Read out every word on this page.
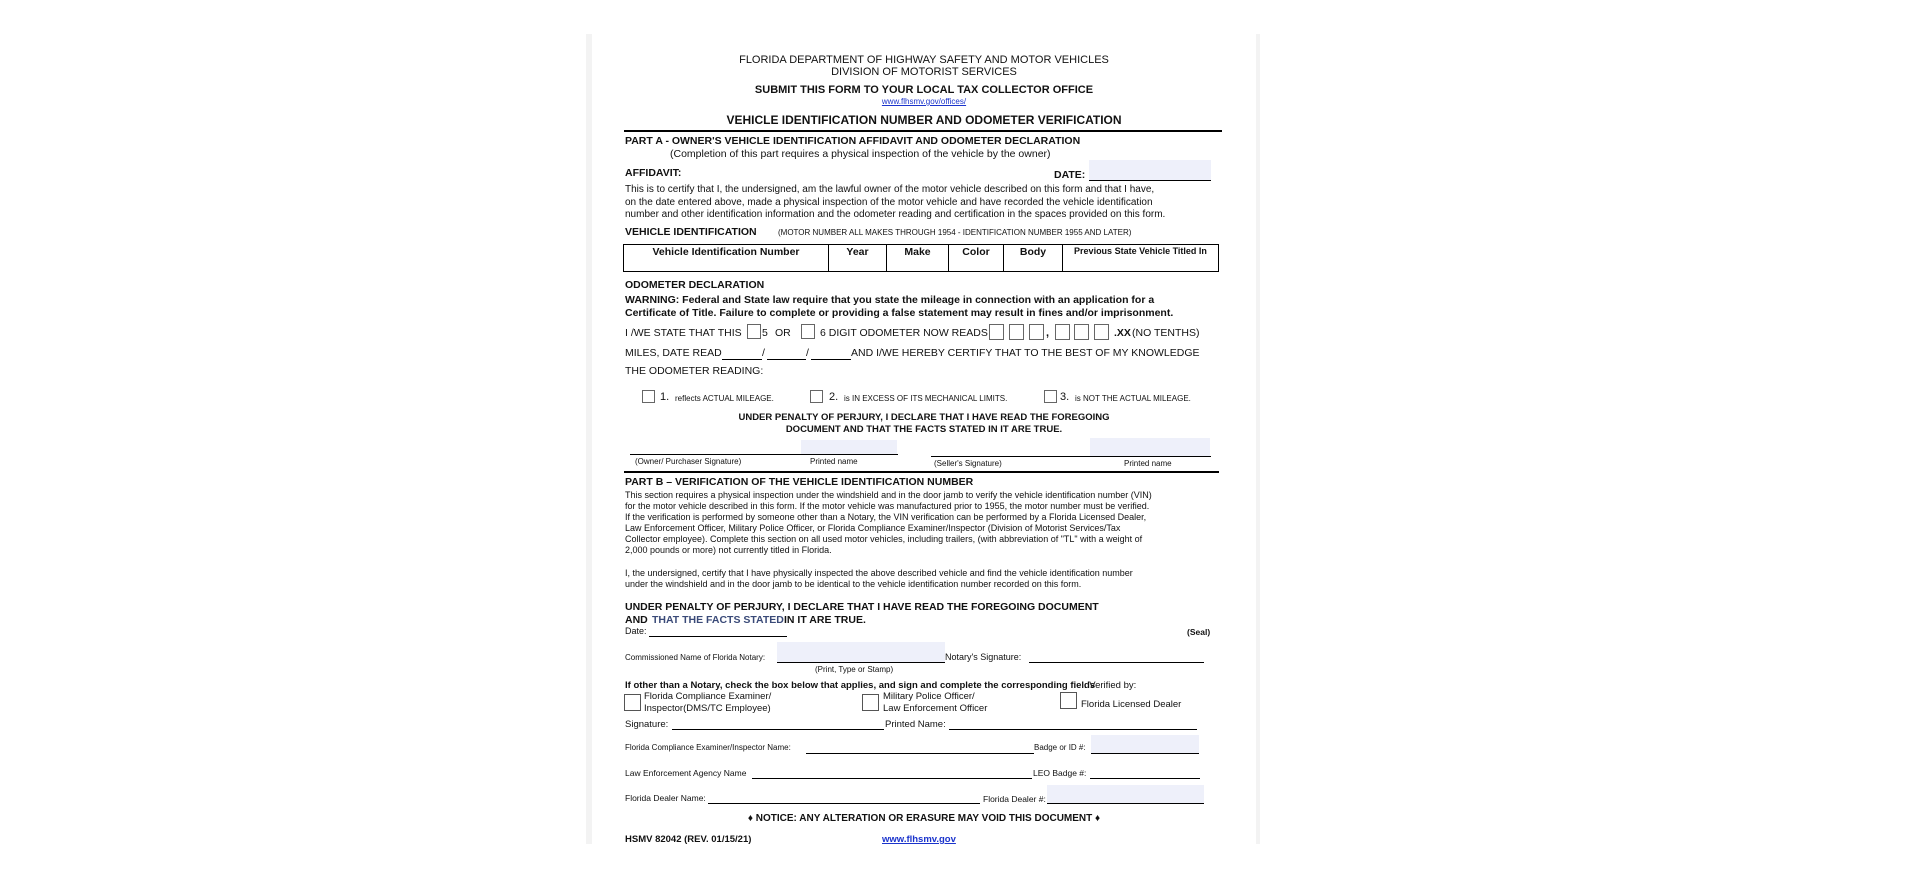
FLORIDA DEPARTMENT OF HIGHWAY SAFETY AND MOTOR VEHICLES
DIVISION OF MOTORIST SERVICES
SUBMIT THIS FORM TO YOUR LOCAL TAX COLLECTOR OFFICE
www.flhsmv.gov/offices/
VEHICLE IDENTIFICATION NUMBER AND ODOMETER VERIFICATION
PART A - OWNER'S VEHICLE IDENTIFICATION AFFIDAVIT AND ODOMETER DECLARATION
(Completion of this part requires a physical inspection of the vehicle by the owner)
AFFIDAVIT:	DATE:
This is to certify that I, the undersigned, am the lawful owner of the motor vehicle described on this form and that I have,
on the date entered above, made a physical inspection of the motor vehicle and have recorded the vehicle identification
number and other identification information and the odometer reading and certification in the spaces provided on this form.
VEHICLE IDENTIFICATION	(MOTOR NUMBER ALL MAKES THROUGH 1954 - IDENTIFICATION NUMBER 1955 AND LATER)
Vehicle Identification Number	Year	Make	Color	Body	Previous State Vehicle Titled In
ODOMETER DECLARATION
WARNING: Federal and State law require that you state the mileage in connection with an application for a
Certificate of Title. Failure to complete or providing a false statement may result in fines and/or imprisonment.
I /WE STATE THAT THIS 5 OR	6 DIGIT ODOMETER NOW READS	,	.XX (NO TENTHS)
MILES, DATE READ	/	/	AND I/WE HEREBY CERTIFY THAT TO THE BEST OF MY KNOWLEDGE
THE ODOMETER READING:
1. reflects ACTUAL MILEAGE.	2. is IN EXCESS OF ITS MECHANICAL LIMITS.	3. is NOT THE ACTUAL MILEAGE.
UNDER PENALTY OF PERJURY, I DECLARE THAT I HAVE READ THE FOREGOING
DOCUMENT AND THAT THE FACTS STATED IN IT ARE TRUE.
(Owner/ Purchaser Signature)	Printed name	(Seller's Signature)	Printed name
PART B – VERIFICATION OF THE VEHICLE IDENTIFICATION NUMBER
This section requires a physical inspection under the windshield and in the door jamb to verify the vehicle identification number (VIN)
for the motor vehicle described in this form. If the motor vehicle was manufactured prior to 1955, the motor number must be verified.
If the verification is performed by someone other than a Notary, the VIN verification can be performed by a Florida Licensed Dealer,
Law Enforcement Officer, Military Police Officer, or Florida Compliance Examiner/Inspector (Division of Motorist Services/Tax
Collector employee). Complete this section on all used motor vehicles, including trailers, (with abbreviation of "TL" with a weight of
2,000 pounds or more) not currently titled in Florida.
I, the undersigned, certify that I have physically inspected the above described vehicle and find the vehicle identification number
under the windshield and in the door jamb to be identical to the vehicle identification number recorded on this form.
UNDER PENALTY OF PERJURY, I DECLARE THAT I HAVE READ THE FOREGOING DOCUMENT
AND THAT THE FACTS STATED IN IT ARE TRUE.
Date:	(Seal)
Commissioned Name of Florida Notary:	Notary's Signature:
(Print, Type or Stamp)
If other than a Notary, check the box below that applies, and sign and complete the corresponding fields
. Verified by:
Florida Compliance Examiner/
Inspector(DMS/TC Employee)
Military Police Officer/
Law Enforcement Officer	Florida Licensed Dealer
Signature:	Printed Name:
Florida Compliance Examiner/Inspector Name:	Badge or ID #:
Law Enforcement Agency Name	LEO Badge #:
Florida Dealer Name:	Florida Dealer #:
♦ NOTICE: ANY ALTERATION OR ERASURE MAY VOID THIS DOCUMENT ♦
HSMV 82042 (REV. 01/15/21)	www.flhsmv.gov
